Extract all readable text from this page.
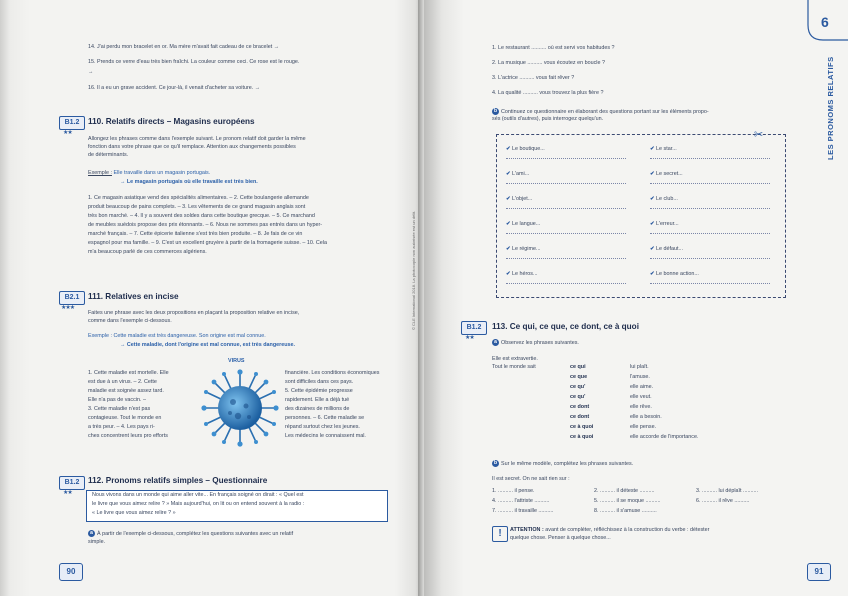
14. J'ai perdu mon bracelet en or. Ma mère m'avait fait cadeau de ce bracelet →
15. Prends ce verre d'eau très bien fraîchi. La couleur comme ceci. Ce rose est le rouge.
→
16. Il a eu un grave accident. Ce jour-là, il venait d'acheter sa voiture. →
B1.2
★★
110. Relatifs directs – Magasins européens
Allongez les phrases comme dans l'exemple suivant. Le pronom relatif doit garder la même
fonction dans votre phrase que ce qu'il remplace. Attention aux changements possibles
de déterminants.
Exemple : Elle travaille dans un magasin portugais.
→ Le magasin portugais où elle travaille est très bien.
1. Ce magasin asiatique vend des spécialités alimentaires. – 2. Cette boulangerie allemande
produit beaucoup de pains complets. – 3. Les vêtements de ce grand magasin anglais sont
très bon marché. – 4. Il y a souvent des soldes dans cette boutique grecque. – 5. Ce marchand
de meubles suédois propose des prix étonnants. – 6. Nous ne sommes pas entrés dans un hyper-
marché français. – 7. Cette épicerie italienne s'est très bien produite. – 8. Je fais de ce vin
espagnol pour ma famille. – 9. C'est un excellent gruyère à partir de la fromagerie suisse. – 10. Cela
m'a beaucoup parlé de ces commerces algériens.
B2.1
★★★
111. Relatives en incise
Faites une phrase avec les deux propositions en plaçant la proposition relative en incise,
comme dans l'exemple ci-dessous.
Exemple : Cette maladie est très dangereuse. Son origine est mal connue.
→ Cette maladie, dont l'origine est mal connue, est très dangereuse.
VIRUS
1. Cette maladie est mortelle. Elle
est due à un virus. – 2. Cette
maladie est soignée assez tard.
Elle n'a pas de vaccin. –
3. Cette maladie n'est pas
contagieuse. Tout le monde en
a très peur. – 4. Les pays ri-
ches concentrent leurs pro efforts
financière. Les conditions économiques
sont difficiles dans ces pays.
5. Cette épidémie progresse
rapidement. Elle a déjà tué
des dizaines de millions de
personnes. – 6. Cette maladie se
répand surtout chez les jeunes.
Les médecins le connaissent mal.
B1.2
★★
112. Pronoms relatifs simples – Questionnaire
Nous vivons dans un monde qui aime aller vite... En français soigné on dirait : « Quel est
le livre que vous aimez relire ? » Mais aujourd'hui, on lit ou on entend souvent à la radio :
« Le livre que vous aimez relire ? »
a À partir de l'exemple ci-dessous, complétez les questions suivantes avec un relatif
simple.
90
© CLE International 2018. La photocopie non autorisée est un délit.
1. Le restaurant .......... où est servi vos habitudes ?
2. La musique .......... vous écoutez en boucle ?
3. L'actrice .......... vous fait rêver ?
4. La qualité .......... vous trouvez la plus fière ?
b Continuez ce questionnaire en élaborant des questions portant sur les éléments propo-
sés (outils d'autres), puis interrogez quelqu'un.
✂
✔ Le boutique...	✔ Le star...
✔ L'ami...	✔ Le secret...
✔ L'objet...	✔ Le club...
✔ Le langue...	✔ L'erreur...
✔ Le régime...	✔ Le défaut...
✔ Le héros...	✔ Le bonne action...
B1.2
★★
113. Ce qui, ce que, ce dont, ce à quoi
a Observez les phrases suivantes.
Elle est extravertie.
Tout le monde sait	ce qui	lui plaît.
ce que	l'amuse.
ce qu'	elle aime.
ce qu'	elle veut.
ce dont	elle rêve.
ce dont	elle a besoin.
ce à quoi	elle pense.
ce à quoi	elle accorde de l'importance.
b Sur le même modèle, complétez les phrases suivantes.
Il est secret. On ne sait rien sur :
1. .......... il pense.	2. .......... il déteste ..........	3. .......... lui déplaît ..........
4. .......... l'attriste ..........	5. .......... il se moque ..........	6. .......... il rêve ..........
7. .......... il travaille ..........	8. .......... il s'amuse ..........
!	ATTENTION : avant de compléter, réfléchissez à la construction du verbe : détester
quelque chose. Penser à quelque chose...
91
6
LES PRONOMS RELATIFS
